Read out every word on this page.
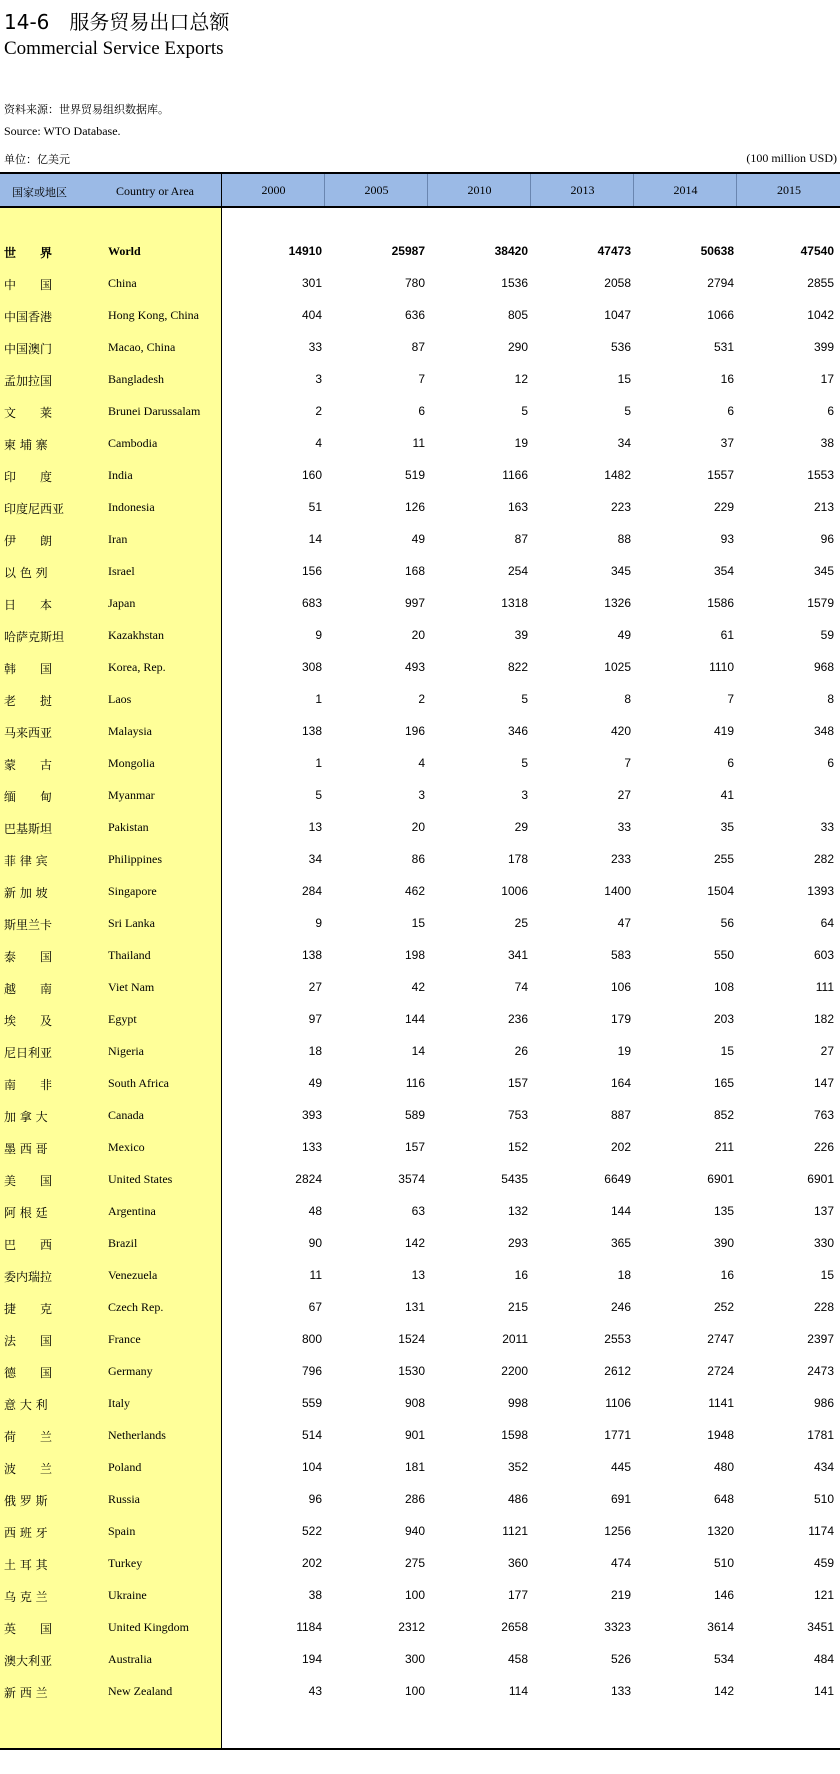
14-6　服务贸易出口总额
Commercial Service Exports
资料来源：世界贸易组织数据库。
Source: WTO Database.
单位：亿美元	(100 million USD)
国家或地区	Country or Area	2000	2005	2010	2013	2014	2015
世　　界	World	14910	25987	38420	47473	50638	47540
中　　国	China	301	780	1536	2058	2794	2855
中国香港	Hong Kong, China	404	636	805	1047	1066	1042
中国澳门	Macao, China	33	87	290	536	531	399
孟加拉国	Bangladesh	3	7	12	15	16	17
文　　莱	Brunei Darussalam	2	6	5	5	6	6
柬 埔 寨	Cambodia	4	11	19	34	37	38
印　　度	India	160	519	1166	1482	1557	1553
印度尼西亚	Indonesia	51	126	163	223	229	213
伊　　朗	Iran	14	49	87	88	93	96
以 色 列	Israel	156	168	254	345	354	345
日　　本	Japan	683	997	1318	1326	1586	1579
哈萨克斯坦	Kazakhstan	9	20	39	49	61	59
韩　　国	Korea, Rep.	308	493	822	1025	1110	968
老　　挝	Laos	1	2	5	8	7	8
马来西亚	Malaysia	138	196	346	420	419	348
蒙　　古	Mongolia	1	4	5	7	6	6
缅　　甸	Myanmar	5	3	3	27	41
巴基斯坦	Pakistan	13	20	29	33	35	33
菲 律 宾	Philippines	34	86	178	233	255	282
新 加 坡	Singapore	284	462	1006	1400	1504	1393
斯里兰卡	Sri Lanka	9	15	25	47	56	64
泰　　国	Thailand	138	198	341	583	550	603
越　　南	Viet Nam	27	42	74	106	108	111
埃　　及	Egypt	97	144	236	179	203	182
尼日利亚	Nigeria	18	14	26	19	15	27
南　　非	South Africa	49	116	157	164	165	147
加 拿 大	Canada	393	589	753	887	852	763
墨 西 哥	Mexico	133	157	152	202	211	226
美　　国	United States	2824	3574	5435	6649	6901	6901
阿 根 廷	Argentina	48	63	132	144	135	137
巴　　西	Brazil	90	142	293	365	390	330
委内瑞拉	Venezuela	11	13	16	18	16	15
捷　　克	Czech Rep.	67	131	215	246	252	228
法　　国	France	800	1524	2011	2553	2747	2397
德　　国	Germany	796	1530	2200	2612	2724	2473
意 大 利	Italy	559	908	998	1106	1141	986
荷　　兰	Netherlands	514	901	1598	1771	1948	1781
波　　兰	Poland	104	181	352	445	480	434
俄 罗 斯	Russia	96	286	486	691	648	510
西 班 牙	Spain	522	940	1121	1256	1320	1174
土 耳 其	Turkey	202	275	360	474	510	459
乌 克 兰	Ukraine	38	100	177	219	146	121
英　　国	United Kingdom	1184	2312	2658	3323	3614	3451
澳大利亚	Australia	194	300	458	526	534	484
新 西 兰	New Zealand	43	100	114	133	142	141
